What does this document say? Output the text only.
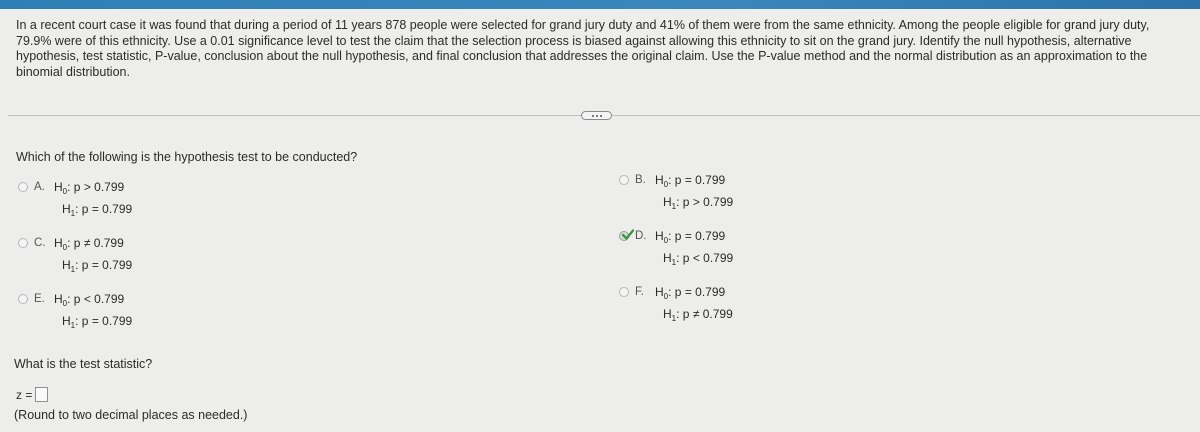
In a recent court case it was found that during a period of 11 years 878 people were selected for grand jury duty and 41% of them were from the same ethnicity. Among the people eligible for grand jury duty, 79.9% were of this ethnicity. Use a 0.01 significance level to test the claim that the selection process is biased against allowing this ethnicity to sit on the grand jury. Identify the null hypothesis, alternative hypothesis, test statistic, P-value, conclusion about the null hypothesis, and final conclusion that addresses the original claim. Use the P-value method and the normal distribution as an approximation to the binomial distribution.
Which of the following is the hypothesis test to be conducted?
A. $H_0$: p > 0.799
$H_1$: p = 0.799
B. $H_0$: p = 0.799
$H_1$: p > 0.799
C. $H_0$: p ≠ 0.799
$H_1$: p = 0.799
D. $H_0$: p = 0.799
$H_1$: p < 0.799
E. $H_0$: p < 0.799
$H_1$: p = 0.799
F. $H_0$: p = 0.799
$H_1$: p ≠ 0.799
What is the test statistic?
z =
(Round to two decimal places as needed.)
